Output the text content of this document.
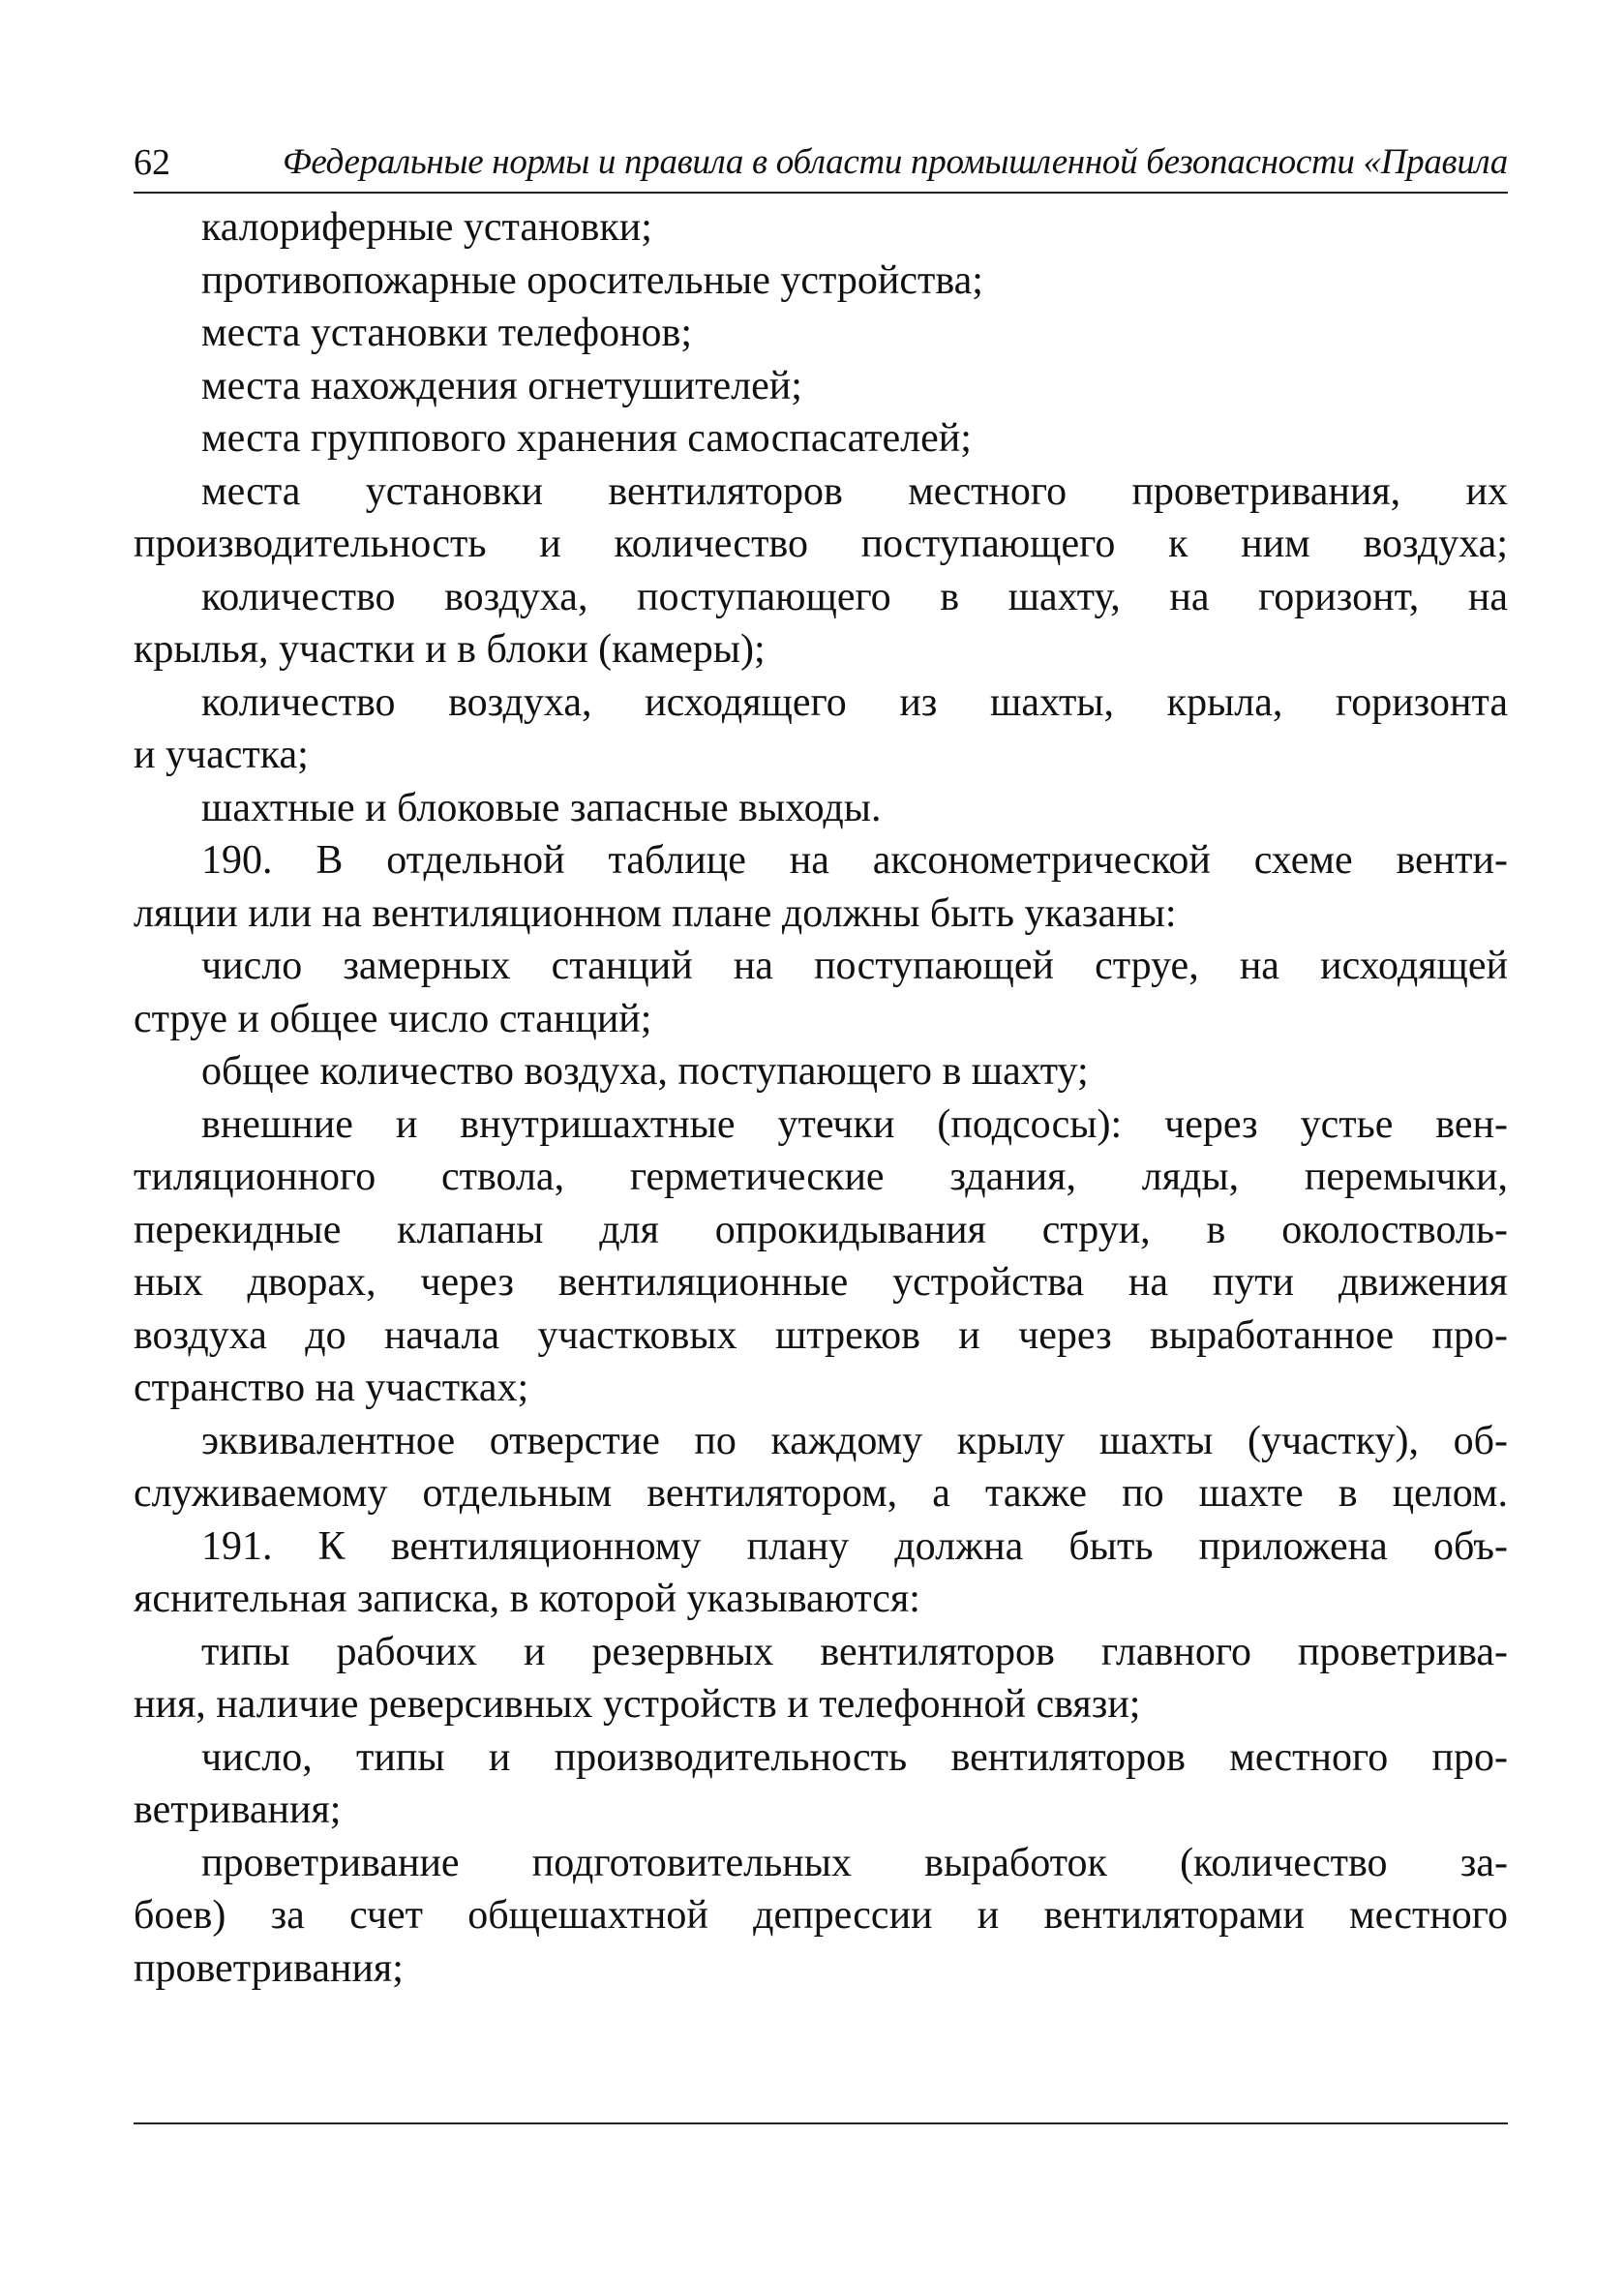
62	Федеральные нормы и правила в области промышленной безопасности «Правила
калориферные установки;
противопожарные оросительные устройства;
места установки телефонов;
места нахождения огнетушителей;
места группового хранения самоспасателей;
места установки вентиляторов местного проветривания, их
производительность и количество поступающего к ним воздуха;
количество воздуха, поступающего в шахту, на горизонт, на
крылья, участки и в блоки (камеры);
количество воздуха, исходящего из шахты, крыла, горизонта
и участка;
шахтные и блоковые запасные выходы.
190. В отдельной таблице на аксонометрической схеме венти-
ляции или на вентиляционном плане должны быть указаны:
число замерных станций на поступающей струе, на исходящей
струе и общее число станций;
общее количество воздуха, поступающего в шахту;
внешние и внутришахтные утечки (подсосы): через устье вен-
тиляционного ствола, герметические здания, ляды, перемычки,
перекидные клапаны для опрокидывания струи, в околостволь-
ных дворах, через вентиляционные устройства на пути движения
воздуха до начала участковых штреков и через выработанное про-
странство на участках;
эквивалентное отверстие по каждому крылу шахты (участку), об-
служиваемому отдельным вентилятором, а также по шахте в целом.
191. К вентиляционному плану должна быть приложена объ-
яснительная записка, в которой указываются:
типы рабочих и резервных вентиляторов главного проветрива-
ния, наличие реверсивных устройств и телефонной связи;
число, типы и производительность вентиляторов местного про-
ветривания;
проветривание подготовительных выработок (количество за-
боев) за счет общешахтной депрессии и вентиляторами местного
проветривания;
